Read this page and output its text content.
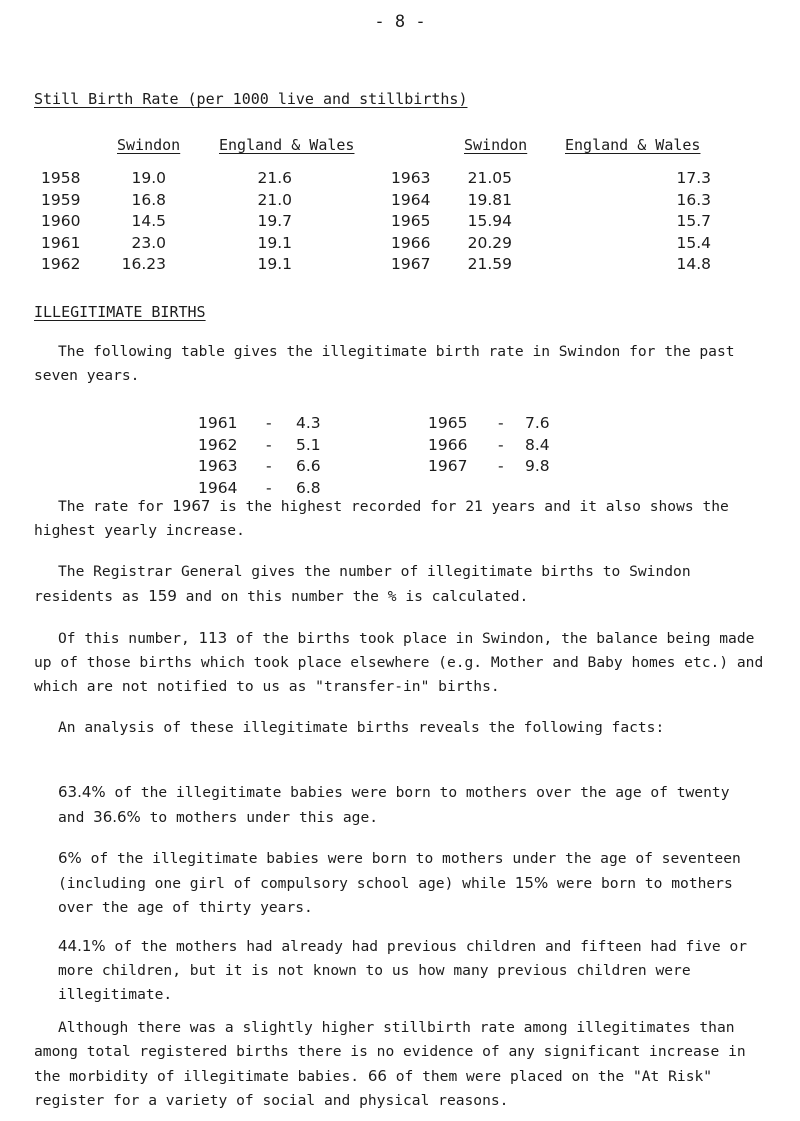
- 8 -
Still Birth Rate (per 1000 live and stillbirths)
Swindon	England & Wales	Swindon	England & Wales
1958	19.0	21.6
1959	16.8	21.0
1960	14.5	19.7
1961	23.0	19.1
1962	16.23	19.1
1963	21.05	17.3
1964	19.81	16.3
1965	15.94	15.7
1966	20.29	15.4
1967	21.59	14.8
ILLEGITIMATE BIRTHS
The following table gives the illegitimate birth rate in Swindon for the past seven years.
1961 - 4.3
1962 - 5.1
1963 - 6.6
1964 - 6.8
1965 - 7.6
1966 - 8.4
1967 - 9.8
The rate for 1967 is the highest recorded for 21 years and it also shows the highest yearly increase.
The Registrar General gives the number of illegitimate births to Swindon residents as 159 and on this number the % is calculated.
Of this number, 113 of the births took place in Swindon, the balance being made up of those births which took place elsewhere (e.g. Mother and Baby homes etc.) and which are not notified to us as "transfer-in" births.
An analysis of these illegitimate births reveals the following facts:
63.4% of the illegitimate babies were born to mothers over the age of twenty and 36.6% to mothers under this age.
6% of the illegitimate babies were born to mothers under the age of seventeen (including one girl of compulsory school age) while 15% were born to mothers over the age of thirty years.
44.1% of the mothers had already had previous children and fifteen had five or more children, but it is not known to us how many previous children were illegitimate.
Although there was a slightly higher stillbirth rate among illegitimates than among total registered births there is no evidence of any significant increase in the morbidity of illegitimate babies. 66 of them were placed on the "At Risk" register for a variety of social and physical reasons.
